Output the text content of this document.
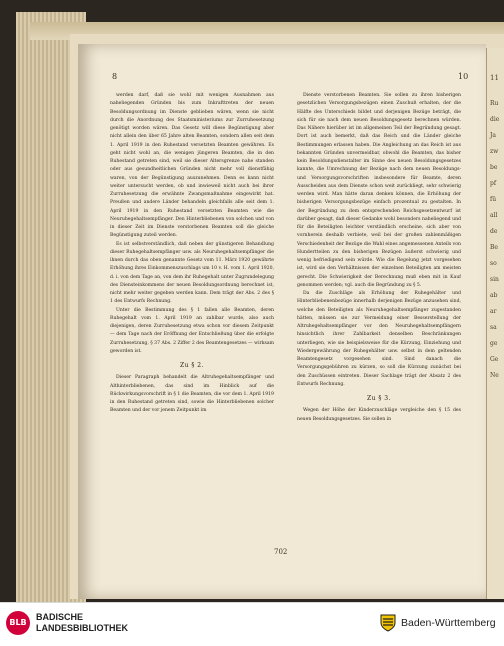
8	10

werden darf, daß sie wohl mit wenigen Ausnahmen aus naheliegenden Gründen bis zum Inkrafttreten der neuen Besoldungsordnung im Dienste geblieben wären, wenn sie nicht durch die Anordnung des Staatsministeriums zur Zurruhesetzung genötigt worden wären. Das Gesetz will diese Begünstigung aber nicht allein den über 65 Jahre alten Beamten, sondern allen seit dem 1. April 1919 in den Ruhestand versetzten Beamten gewähren. Es geht nicht wohl an, die wenigen jüngeren Beamten, die in den Ruhestand getreten sind, weil sie dieser Altersgrenze nahe standen oder aus gesundheitlichen Gründen nicht mehr voll dienstfähig waren, von der Begünstigung auszunehmen. Denn es kann nicht weiter untersucht werden, ob und inwieweil nicht auch bei ihrer Zurruhesetzung die erwähnte Zwangsmaßnahme eingewirkt hat. Preußen und andere Länder behandeln gleichfalls alle seit dem 1. April 1919 in den Ruhestand versetzten Beamten wie die Neuruhegehaltsempfänger. Den Hinterbliebenen von solchen und von in dieser Zeit im Dienste verstorbenen Beamten soll die gleiche Begünstigung zuteil werden.

Es ist selbstverständlich, daß neben der günstigeren Behandlung dieser Ruhegehaltsempfänger usw. als Neuruhegehaltsempfänger die ihnen durch das oben genannte Gesetz vom 11. März 1920 gewährte Erhöhung ihres Einkommenszuschlags um 10 v. H. vom 1. April 1920, d. i. von dem Tage an, von dem ihr Ruhegehalt unter Zugrundelegung des Diensteinkommens der neuen Besoldungsordnung berechnet ist, nicht mehr weiter gegeben werden kann. Dem trägt der Abs. 2 des § 1 des Entwurfs Rechnung.

Unter die Bestimmung des § 1 fallen alle Beamten, deren Ruhegehalt vom 1. April 1919 an zahlbar wurde, also auch diejenigen, deren Zurruhesetzung etwa schon vor diesem Zeitpunkt — dem Tage nach der Eröffnung der Entschließung über die erfolgte Zurruhesetzung, § 37 Abs. 2 Ziffer 2 des Beamtengesetzes — wirksam geworden ist.

Zu § 2.

Dieser Paragraph behandelt die Altruhegehaltsempfänger und Althinterbliebenen, das sind im Hinblick auf die Rückwirkungsvorschrift in § 1 die Beamten, die vor dem 1. April 1919 in den Ruhestand getreten sind, sowie die Hinterbliebenen solcher Beamten und der vor jenem Zeitpunkt im

Dienste verstorbenen Beamten. Sie sollen zu ihren bisherigen gesetzlichen Versorgungsbezügen einen Zuschuß erhalten, der die Hälfte des Unterschieds bildet und derjenigen Bezüge beträgt, die sich für sie nach dem neuen Besoldungsgesetz berechnen würden. Das Nähere hierüber ist im allgemeinen Teil der Begründung gesagt. Dort ist auch bemerkt, daß das Reich und die Länder gleiche Bestimmungen erlassen haben. Die Angleichung an das Reich ist aus bekannten Gründen unvermeidbar, obwohl die Beamten, das bisher kein Besoldungsdienstalter im Sinne des neuen Besoldungsgesetzes kannte, die Umrechnung der Bezüge nach dem neuen Besoldungs- und Versorgungsvorschriften insbesondere für Beamte, deren Ausscheiden aus dem Dienste schon weit zurückliegt, sehr schwierig werden wird. Man hätte daran denken können, die Erhöhung der bisherigen Versorgungsbezüge einfach prozentual zu gestalten. In der Begründung zu dem entsprechenden Reichsgesetzentwurf ist darüber gesagt, daß dieser Gedanke wohl besonders naheliegend und für die Beteiligten leichter verständlich erscheine, sich aber von vornherein deshalb verbiete, weil bei der großen zahlenmäßigen Verschiedenheit der Bezüge die Wahl eines angemessenen Anteils von Hundertteilen zu den bisherigen Bezügen äußerst schwierig und wenig befriedigend sein würde. Wie die Regelung jetzt vorgesehen ist, wird sie den Verhältnissen der einzelnen Beteiligten am meisten gerecht. Die Schwierigkeit der Berechnung muß eben mit in Kauf genommen werden; vgl. auch die Begründung zu § 5.

Da die Zuschläge als Erhöhung der Ruhegehälter und Hinterbliebenenbezüge innerhalb derjenigen Bezüge anzusehen sind, welche den Beteiligten als Neuruhegehaltsempfänger zugestanden hätten, müssen sie zur Vermeidung einer Besserstellung der Altruhegehaltsempfänger vor den Neuruhegehaltsempfängern hinsichtlich ihrer Zahlbarkeit denselben Beschränkungen unterliegen, wie sie beispielsweise für die Kürzung, Einziehung und Wiedergewährung der Ruhegehälter usw. selbst in dem geltenden Beamtengesetz vorgesehen sind. Sind danach die Versorgungsgebühren zu kürzen, so soll die Kürzung zunächst bei den Zuschüssen eintreten. Dieser Sachlage trägt der Absatz 2 des Entwurfs Rechnung.

Zu § 3.

Wegen der Höhe der Kinderzuschläge vergleiche den § 15 des neuen Besoldungsgesetzes. Sie sollen in

702
11
Ru
die
Ja
zw
be
pf
fü
all
de
Be
so
sin
ab
ar
sa
ge
Ge
Ne
BLB
BADISCHE
LANDESBIBLIOTHEK	Baden-Württemberg
